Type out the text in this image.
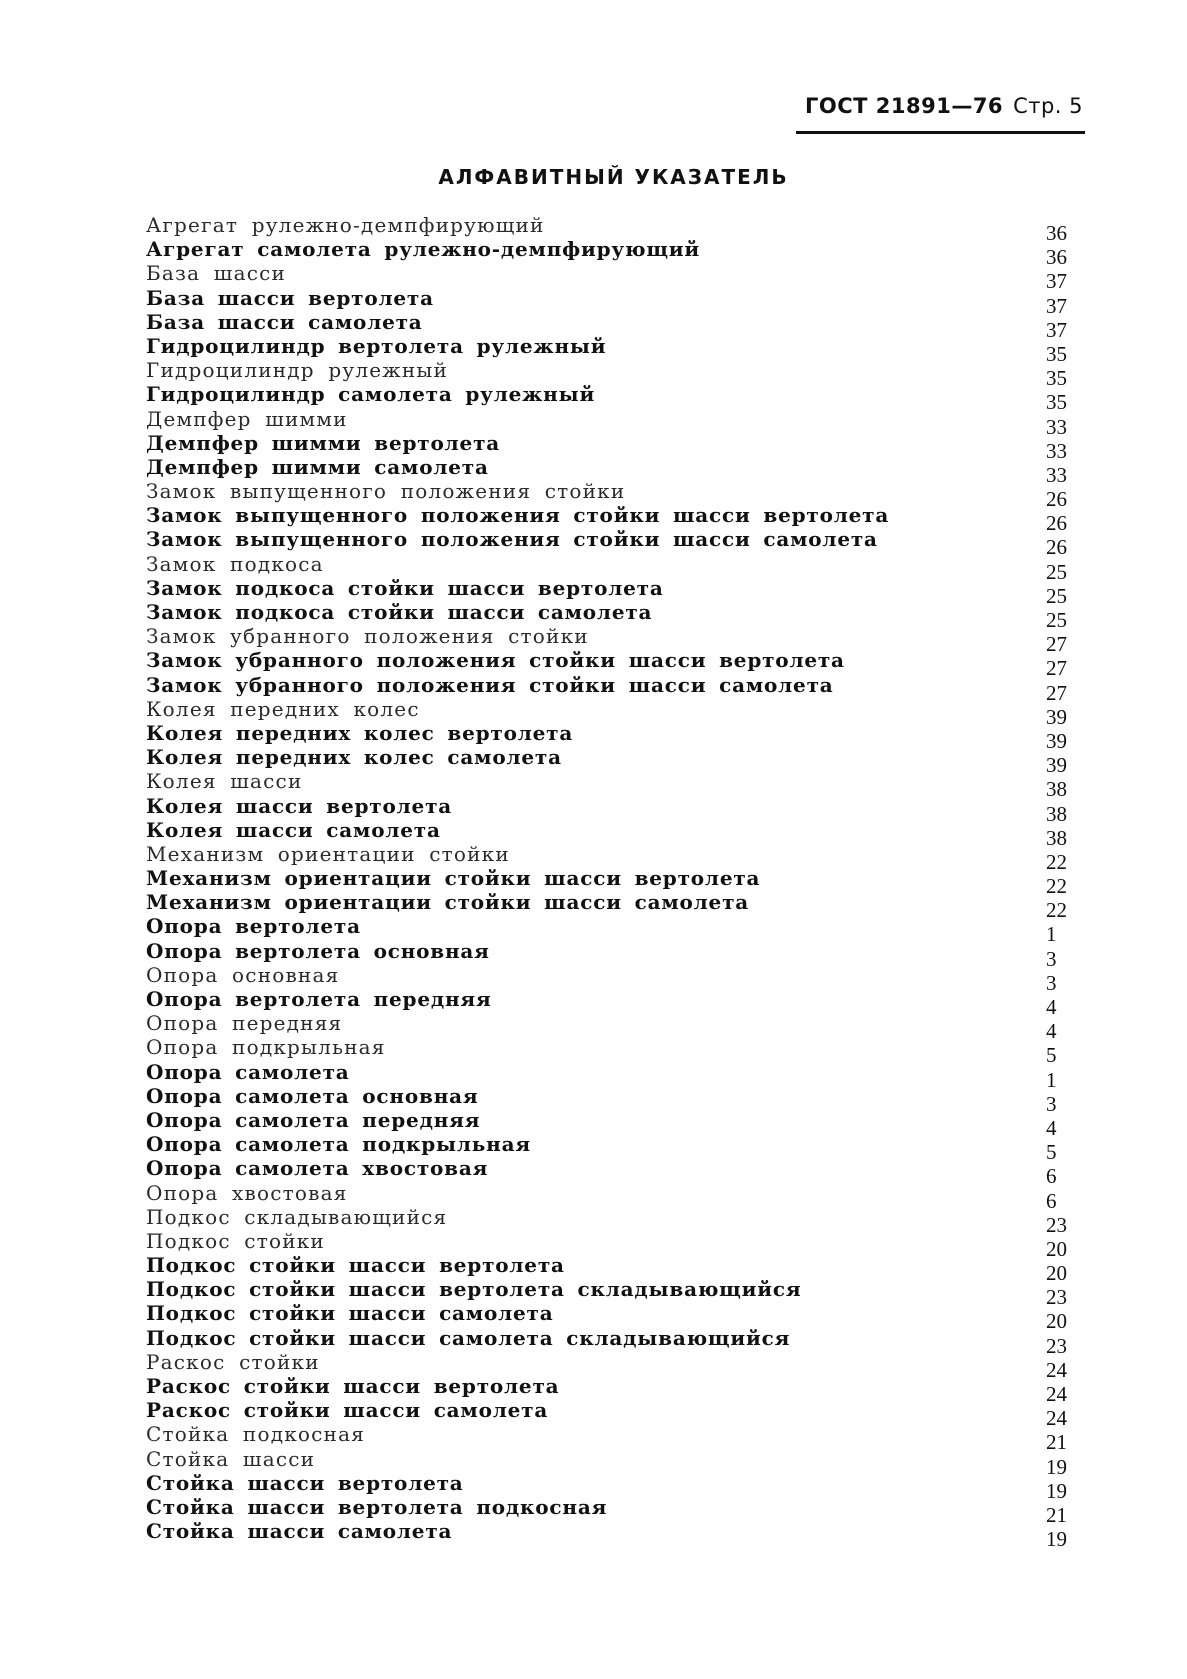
ГОСТ 21891—76 Стр. 5
АЛФАВИТНЫЙ УКАЗАТЕЛЬ
Агрегат рулежно-демпфирующий	36
Агрегат самолета рулежно-демпфирующий	36
База шасси	37
База шасси вертолета	37
База шасси самолета	37
Гидроцилиндр вертолета рулежный	35
Гидроцилиндр рулежный	35
Гидроцилиндр самолета рулежный	35
Демпфер шимми	33
Демпфер шимми вертолета	33
Демпфер шимми самолета	33
Замок выпущенного положения стойки	26
Замок выпущенного положения стойки шасси вертолета	26
Замок выпущенного положения стойки шасси самолета	26
Замок подкоса	25
Замок подкоса стойки шасси вертолета	25
Замок подкоса стойки шасси самолета	25
Замок убранного положения стойки	27
Замок убранного положения стойки шасси вертолета	27
Замок убранного положения стойки шасси самолета	27
Колея передних колес	39
Колея передних колес вертолета	39
Колея передних колес самолета	39
Колея шасси	38
Колея шасси вертолета	38
Колея шасси самолета	38
Механизм ориентации стойки	22
Механизм ориентации стойки шасси вертолета	22
Механизм ориентации стойки шасси самолета	22
Опора вертолета	1
Опора вертолета основная	3
Опора основная	3
Опора вертолета передняя	4
Опора передняя	4
Опора подкрыльная	5
Опора самолета	1
Опора самолета основная	3
Опора самолета передняя	4
Опора самолета подкрыльная	5
Опора самолета хвостовая	6
Опора хвостовая	6
Подкос складывающийся	23
Подкос стойки	20
Подкос стойки шасси вертолета	20
Подкос стойки шасси вертолета складывающийся	23
Подкос стойки шасси самолета	20
Подкос стойки шасси самолета складывающийся	23
Раскос стойки	24
Раскос стойки шасси вертолета	24
Раскос стойки шасси самолета	24
Стойка подкосная	21
Стойка шасси	19
Стойка шасси вертолета	19
Стойка шасси вертолета подкосная	21
Стойка шасси самолета	19
